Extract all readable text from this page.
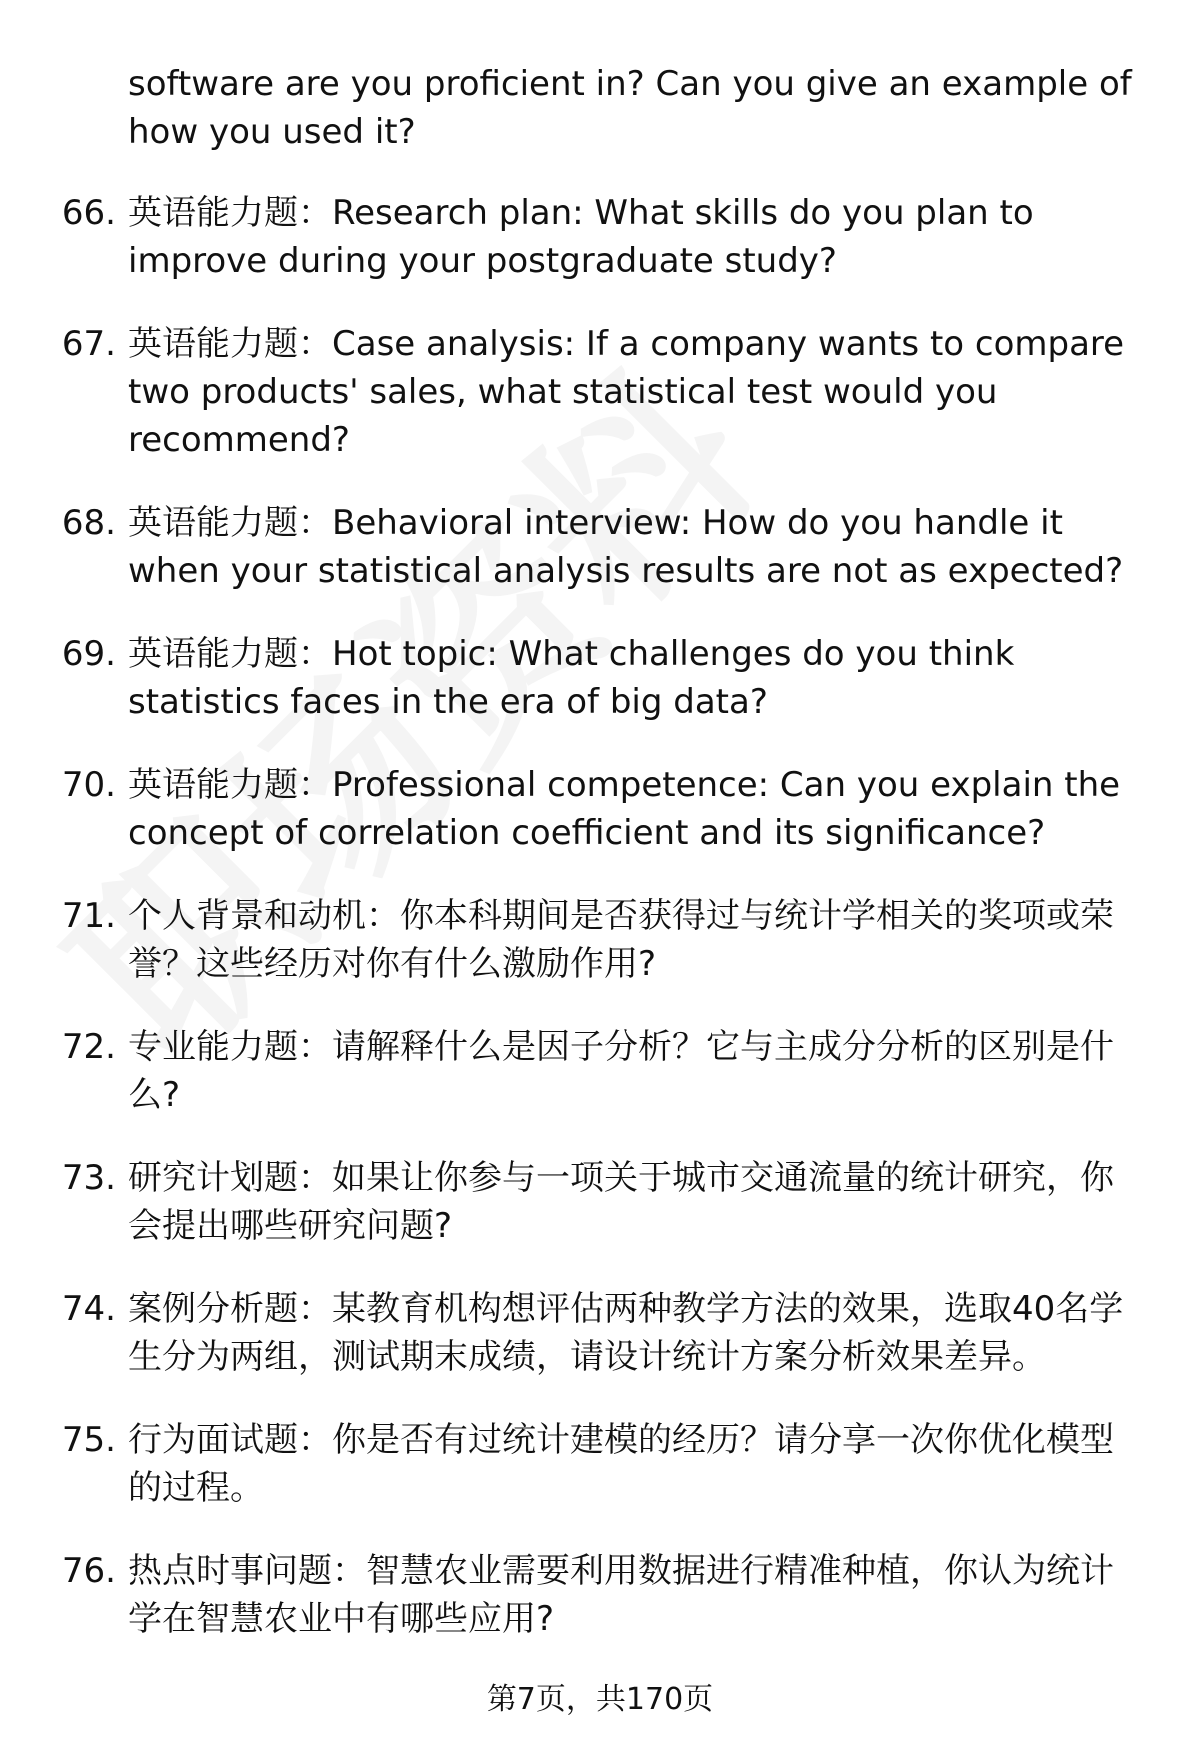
software are you proficient in? Can you give an example of how you used it?
66. 英语能力题：Research plan: What skills do you plan to improve during your postgraduate study?
67. 英语能力题：Case analysis: If a company wants to compare two products' sales, what statistical test would you recommend?
68. 英语能力题：Behavioral interview: How do you handle it when your statistical analysis results are not as expected?
69. 英语能力题：Hot topic: What challenges do you think statistics faces in the era of big data?
70. 英语能力题：Professional competence: Can you explain the concept of correlation coefficient and its significance?
71. 个人背景和动机：你本科期间是否获得过与统计学相关的奖项或荣誉？这些经历对你有什么激励作用?
72. 专业能力题：请解释什么是因子分析？它与主成分分析的区别是什么?
73. 研究计划题：如果让你参与一项关于城市交通流量的统计研究，你会提出哪些研究问题?
74. 案例分析题：某教育机构想评估两种教学方法的效果，选取40名学生分为两组，测试期末成绩，请设计统计方案分析效果差异。
75. 行为面试题：你是否有过统计建模的经历？请分享一次你优化模型的过程。
76. 热点时事问题：智慧农业需要利用数据进行精准种植，你认为统计学在智慧农业中有哪些应用?
第7页，共170页
